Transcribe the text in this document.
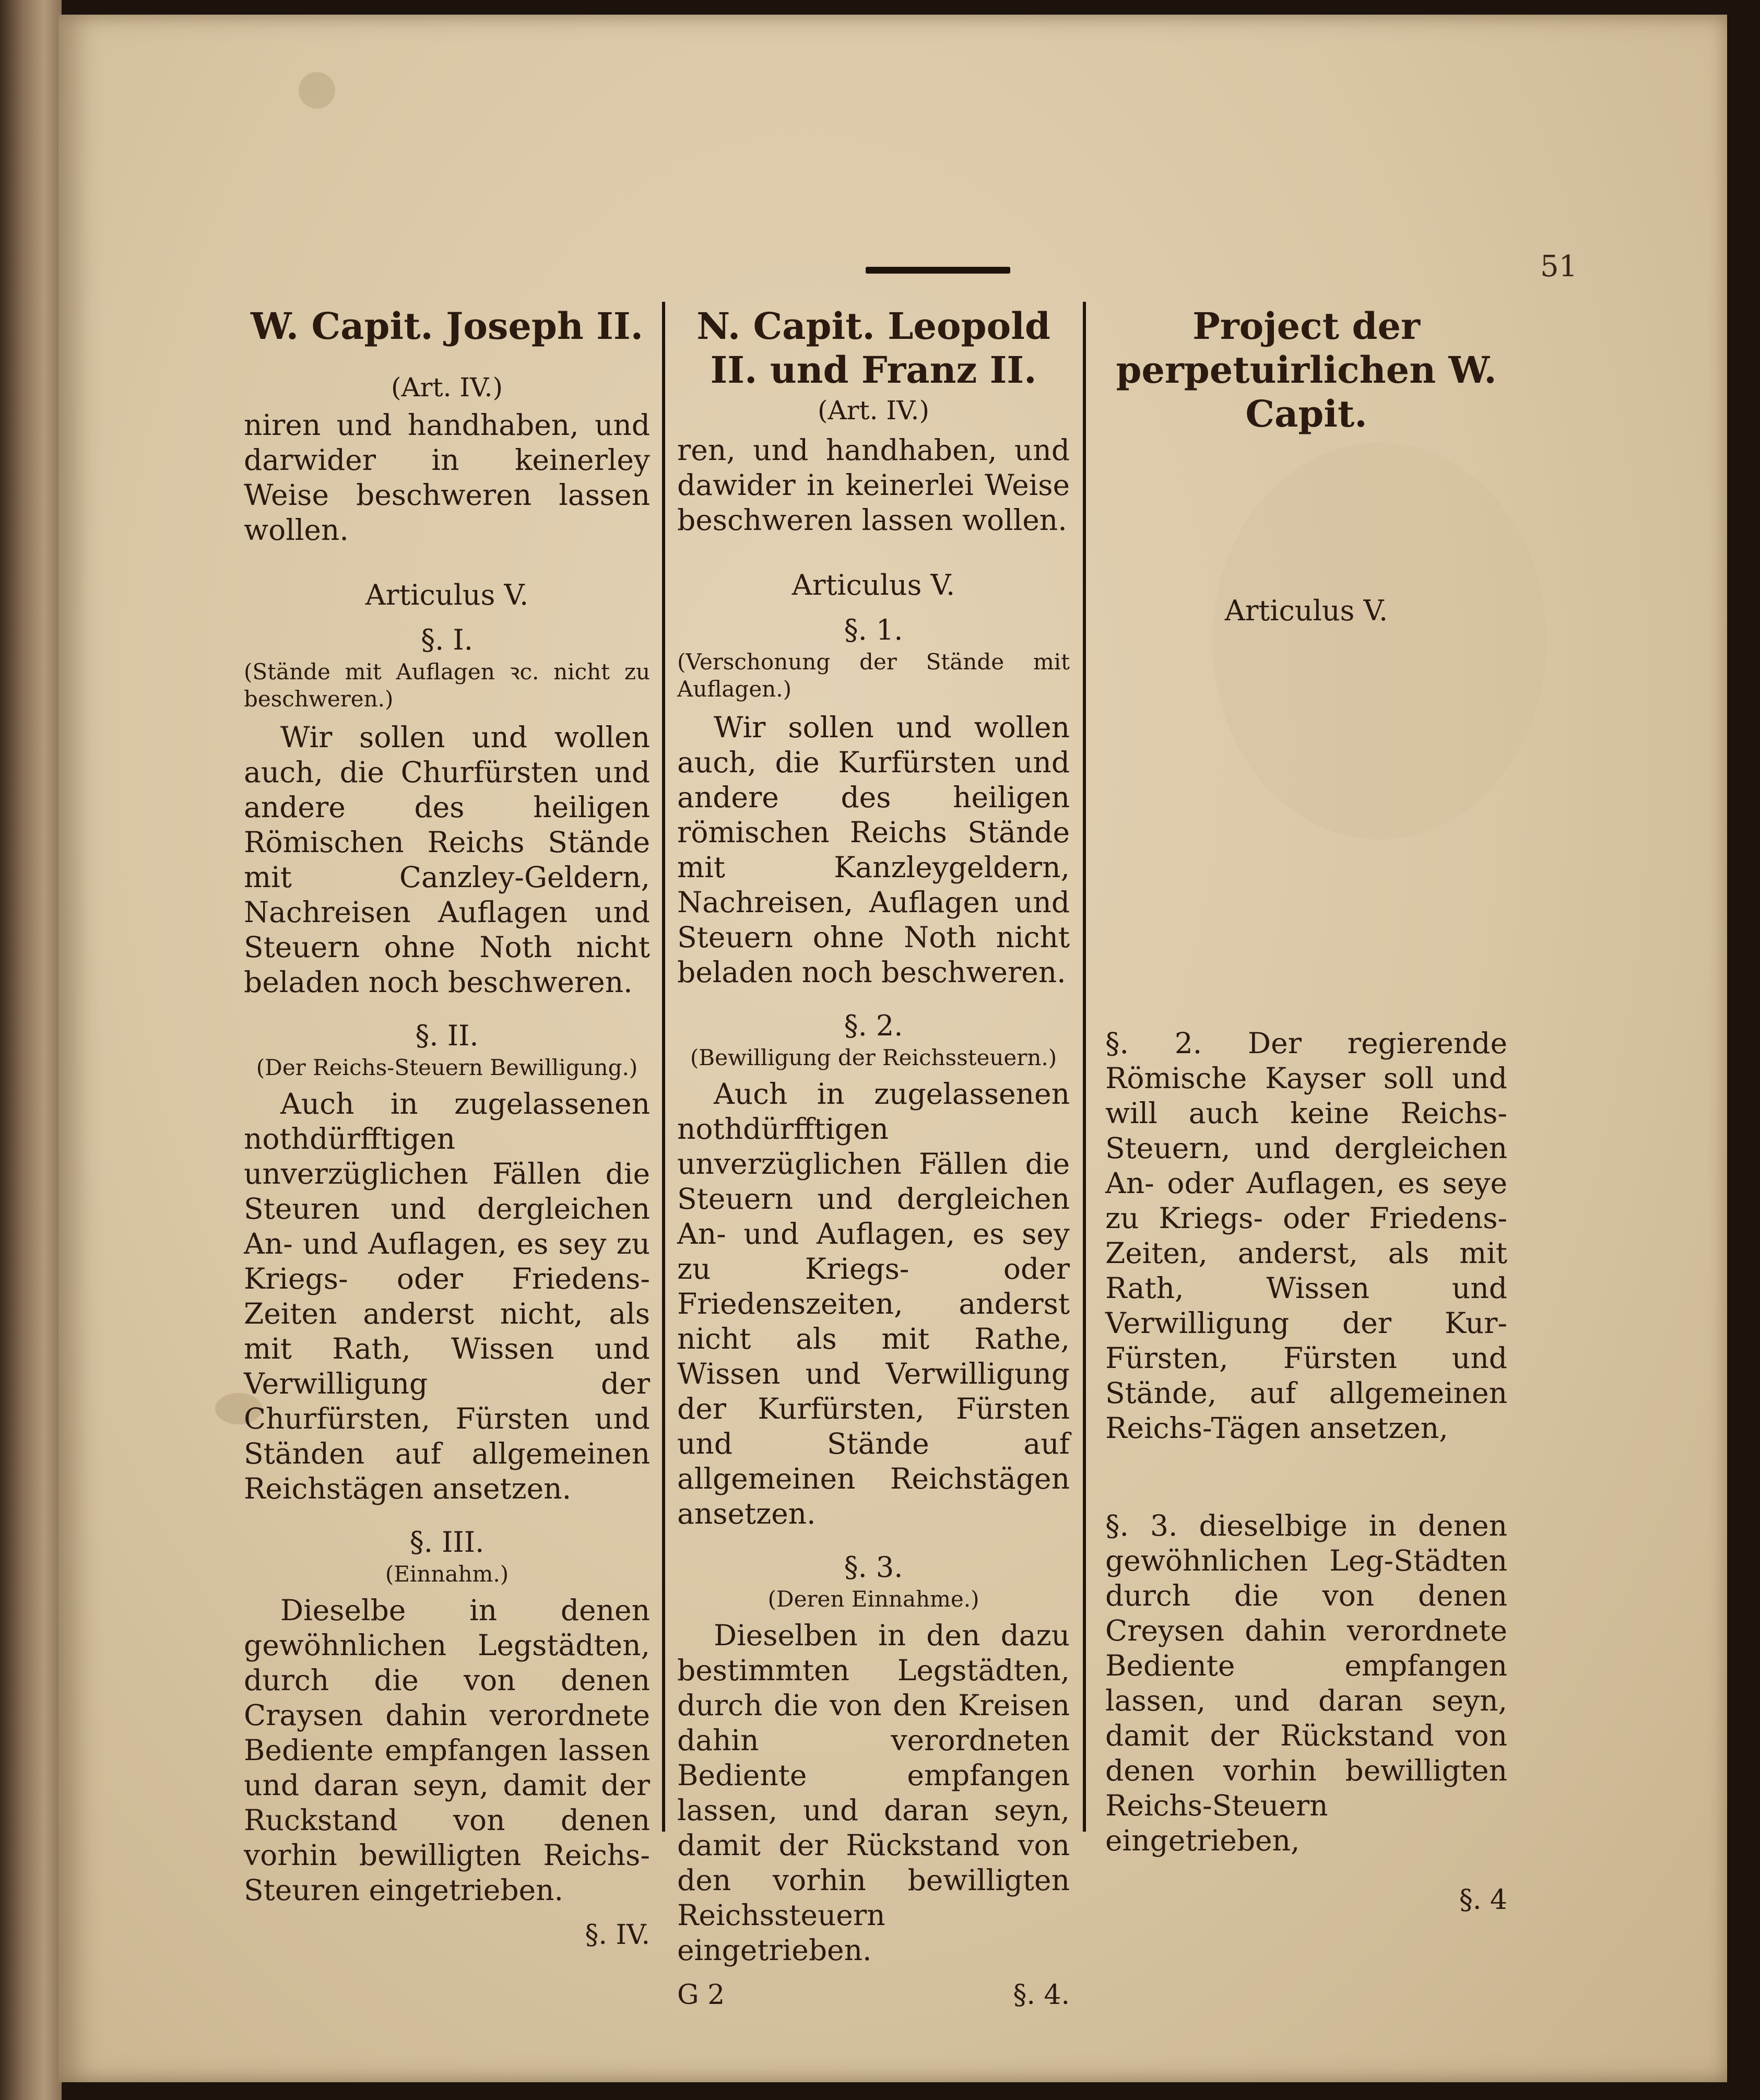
51
W. Capit. Joseph II.
(Art. IV.)

niren und handhaben, und darwider in keinerley Weise beschweren lassen wollen.

Articulus V.
§. I.

(Stände mit Auflagen ꝛc. nicht zu beschweren.)

Wir sollen und wollen auch, die Churfürsten und andere des heiligen Römischen Reichs Stände mit Canzley-Geldern, Nachreisen Auflagen und Steuern ohne Noth nicht beladen noch beschweren.

§. II.
(Der Reichs-Steuern Bewilligung.)

Auch in zugelassenen nothdürfftigen unverzüglichen Fällen die Steuren und dergleichen An- und Auflagen, es sey zu Kriegs- oder Friedens-Zeiten anderst nicht, als mit Rath, Wissen und Verwilligung der Churfürsten, Fürsten und Ständen auf allgemeinen Reichstägen ansetzen.

§. III.
(Einnahm.)

Dieselbe in denen gewöhnlichen Legstädten, durch die von denen Craysen dahin verordnete Bediente empfangen lassen und daran seyn, damit der Ruckstand von denen vorhin bewilligten Reichs-Steuren eingetrieben.

§. IV.
N. Capit. Leopold II. und Franz II.
(Art. IV.)

ren, und handhaben, und dawider in keinerlei Weise beschweren lassen wollen.

Articulus V.
§. 1.

(Verschonung der Stände mit Auflagen.)

Wir sollen und wollen auch, die Kurfürsten und andere des heiligen römischen Reichs Stände mit Kanzleygeldern, Nachreisen, Auflagen und Steuern ohne Noth nicht beladen noch beschweren.

§. 2.
(Bewilligung der Reichssteuern.)

Auch in zugelassenen nothdürfftigen unverzüglichen Fällen die Steuern und dergleichen An- und Auflagen, es sey zu Kriegs- oder Friedenszeiten, anderst nicht als mit Rathe, Wissen und Verwilligung der Kurfürsten, Fürsten und Stände auf allgemeinen Reichstägen ansetzen.

§. 3.
(Deren Einnahme.)

Dieselben in den dazu bestimmten Legstädten, durch die von den Kreisen dahin verordneten Bediente empfangen lassen, und daran seyn, damit der Rückstand von den vorhin bewilligten Reichssteuern eingetrieben.

G 2	§. 4.
Project der perpetuirlichen W. Capit.
Articulus V.

§. 2. Der regierende Römische Kayser soll und will auch keine Reichs-Steuern, und dergleichen An- oder Auflagen, es seye zu Kriegs- oder Friedens-Zeiten, anderst, als mit Rath, Wissen und Verwilligung der Kur-Fürsten, Fürsten und Stände, auf allgemeinen Reichs-Tägen ansetzen,

§. 3. dieselbige in denen gewöhnlichen Leg-Städten durch die von denen Creysen dahin verordnete Bediente empfangen lassen, und daran seyn, damit der Rückstand von denen vorhin bewilligten Reichs-Steuern eingetrieben,

§. 4
